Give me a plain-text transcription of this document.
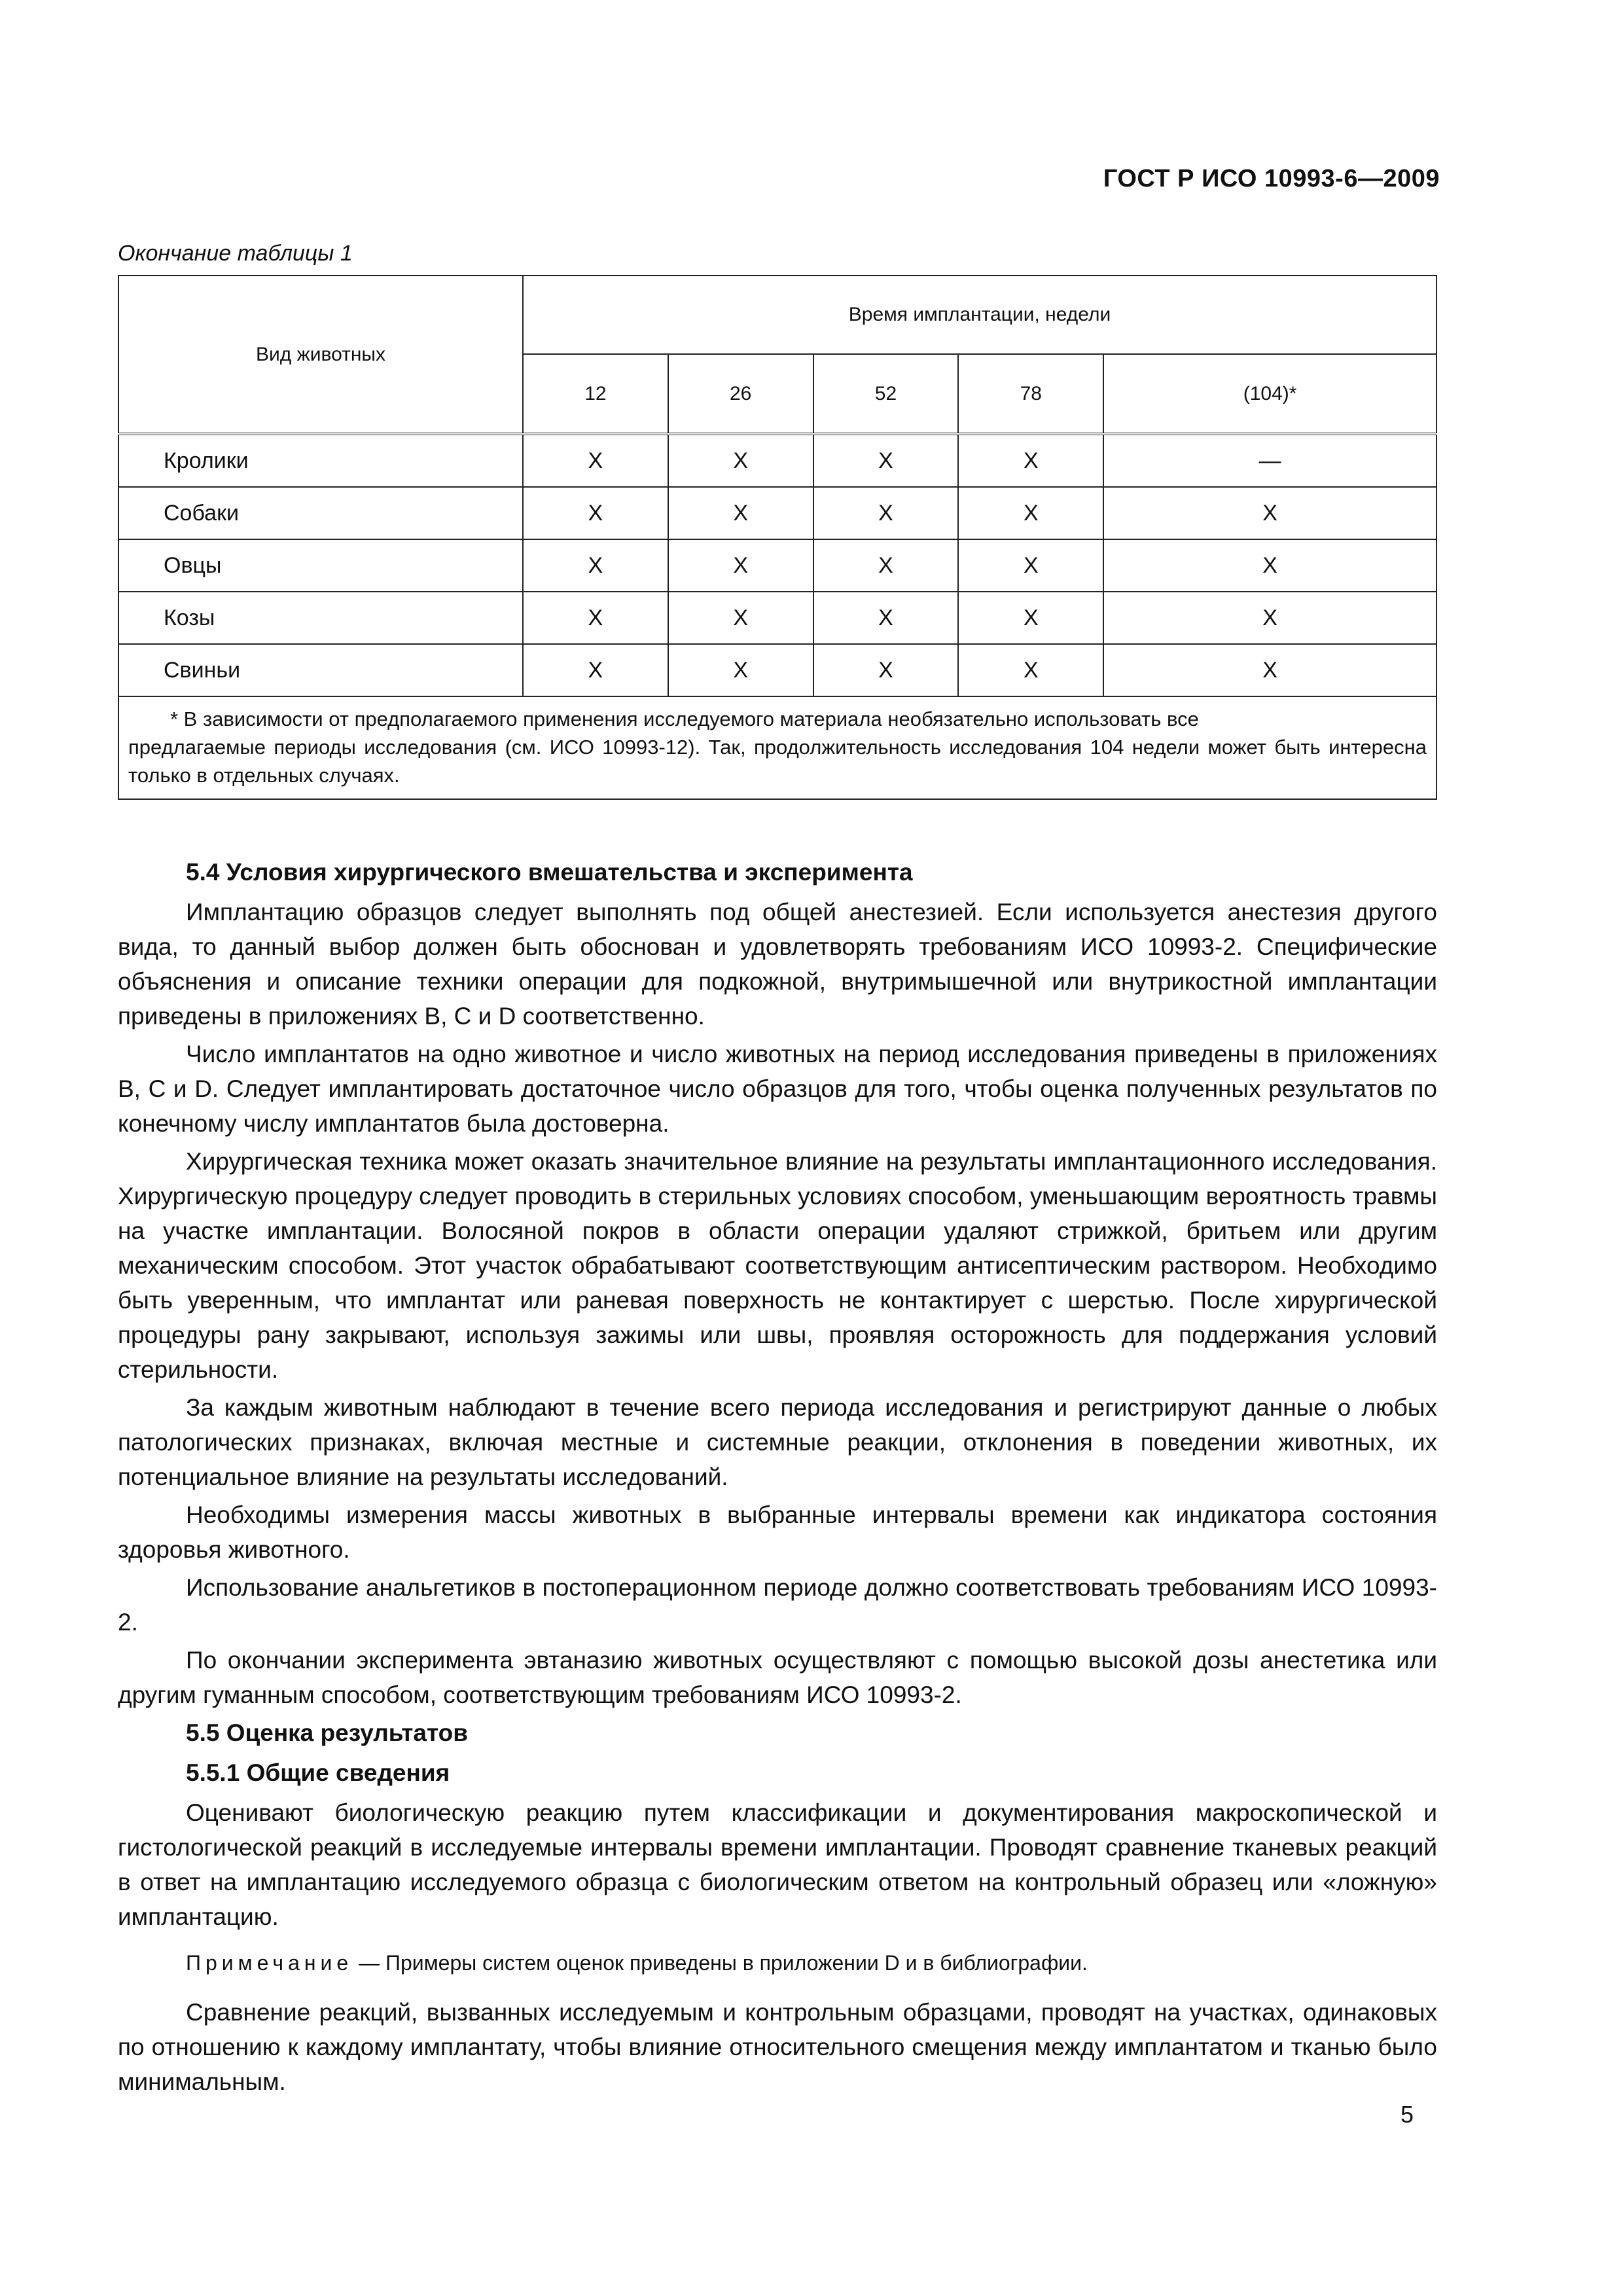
ГОСТ Р ИСО 10993-6—2009
Окончание таблицы 1
Вид животных	Время имплантации, недели				
	12	26	52	78	(104)*
Кролики	X	X	X	X	—
Собаки	X	X	X	X	X
Овцы	X	X	X	X	X
Козы	X	X	X	X	X
Свиньи	X	X	X	X	X

* В зависимости от предполагаемого применения исследуемого материала необязательно использовать все
предлагаемые периоды исследования (см. ИСО 10993-12). Так, продолжительность исследования 104 недели может быть интересна только в отдельных случаях.					

5.4 Условия хирургического вмешательства и эксперимента

Имплантацию образцов следует выполнять под общей анестезией. Если используется анестезия другого вида, то данный выбор должен быть обоснован и удовлетворять требованиям ИСО 10993-2. Специфические объяснения и описание техники операции для подкожной, внутримышечной или внутрикостной имплантации приведены в приложениях В, С и D соответственно.

Число имплантатов на одно животное и число животных на период исследования приведены в приложениях В, С и D. Следует имплантировать достаточное число образцов для того, чтобы оценка полученных результатов по конечному числу имплантатов была достоверна.

Хирургическая техника может оказать значительное влияние на результаты имплантационного исследования. Хирургическую процедуру следует проводить в стерильных условиях способом, уменьшающим вероятность травмы на участке имплантации. Волосяной покров в области операции удаляют стрижкой, бритьем или другим механическим способом. Этот участок обрабатывают соответствующим антисептическим раствором. Необходимо быть уверенным, что имплантат или раневая поверхность не контактирует с шерстью. После хирургической процедуры рану закрывают, используя зажимы или швы, проявляя осторожность для поддержания условий стерильности.

За каждым животным наблюдают в течение всего периода исследования и регистрируют данные о любых патологических признаках, включая местные и системные реакции, отклонения в поведении животных, их потенциальное влияние на результаты исследований.

Необходимы измерения массы животных в выбранные интервалы времени как индикатора состояния здоровья животного.

Использование анальгетиков в постоперационном периоде должно соответствовать требованиям ИСО 10993-2.

По окончании эксперимента эвтаназию животных осуществляют с помощью высокой дозы анестетика или другим гуманным способом, соответствующим требованиям ИСО 10993-2.

5.5 Оценка результатов

5.5.1 Общие сведения

Оценивают биологическую реакцию путем классификации и документирования макроскопической и гистологической реакций в исследуемые интервалы времени имплантации. Проводят сравнение тканевых реакций в ответ на имплантацию исследуемого образца с биологическим ответом на контрольный образец или «ложную» имплантацию.

Примечание — Примеры систем оценок приведены в приложении D и в библиографии.

Сравнение реакций, вызванных исследуемым и контрольным образцами, проводят на участках, одинаковых по отношению к каждому имплантату, чтобы влияние относительного смещения между имплантатом и тканью было минимальным.

5
